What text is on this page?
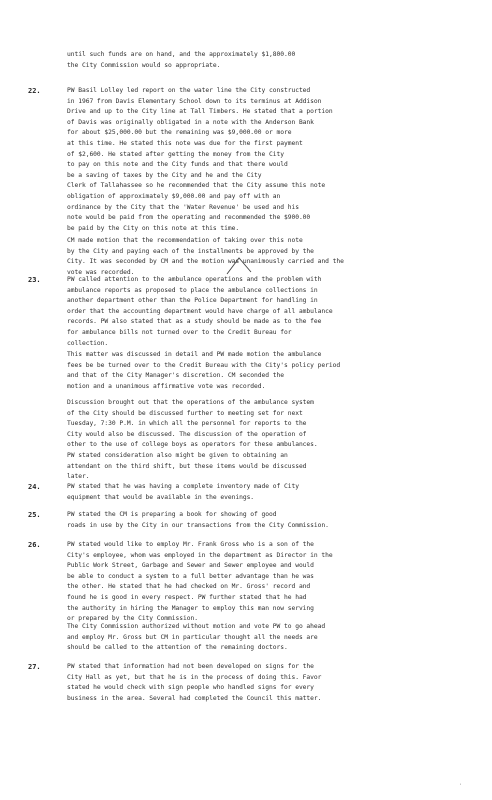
until such funds are on hand, and the approximately $1,800.00
the City Commission would so appropriate.
22.	PW Basil Lolley led report on the water line the City constructed
in 1967 from Davis Elementary School down to its terminus at Addison
Drive and up to the City line at Tall Timbers. He stated that a portion
of Davis was originally obligated in a note with the Anderson Bank
for about $25,000.00 but the remaining was $9,000.00 or more
at this time. He stated this note was due for the first payment
of $2,600. He stated after getting the money from the City
to pay on this note and the City funds and that there would
be a saving of taxes by the City and he and the City
Clerk of Tallahassee so he recommended that the City assume this note
obligation of approximately $9,000.00 and pay off with an
ordinance by the City that the 'Water Revenue' be used and his
note would be paid from the operating and recommended the $900.00
be paid by the City on this note at this time.
CM made motion that the recommendation of taking over this note
by the City and paying each of the installments be approved by the
City. It was seconded by CM and the motion was unanimously carried and the
vote was recorded.
23.	PW called attention to the ambulance operations and the problem with
ambulance reports as proposed to place the ambulance collections in
another department other than the Police Department for handling in
order that the accounting department would have charge of all ambulance
records. PW also stated that as a study should be made as to the fee
for ambulance bills not turned over to the Credit Bureau for
collection.
This matter was discussed in detail and PW made motion the ambulance
fees be be turned over to the Credit Bureau with the City's policy period
and that of the City Manager's discretion. CM seconded the
motion and a unanimous affirmative vote was recorded.
Discussion brought out that the operations of the ambulance system
of the City should be discussed further to meeting set for next
Tuesday, 7:30 P.M. in which all the personnel for reports to the
City would also be discussed. The discussion of the operation of
other to the use of college boys as operators for these ambulances.
PW stated consideration also might be given to obtaining an
attendant on the third shift, but these items would be discussed
later.
24.	PW stated that he was having a complete inventory made of City
equipment that would be available in the evenings.
25.	PW stated the CM is preparing a book for showing of good
roads in use by the City in our transactions from the City Commission.
26.	PW stated would like to employ Mr. Frank Gross who is a son of the
City's employee, whom was employed in the department as Director in the
Public Work Street, Garbage and Sewer and Sewer employee and would
be able to conduct a system to a full better advantage than he was
the other. He stated that he had checked on Mr. Gross' record and
found he is good in every respect. PW further stated that he had
the authority in hiring the Manager to employ this man now serving
or prepared by the City Commission.
The City Commission authorized without motion and vote PW to go ahead
and employ Mr. Gross but CM in particular thought all the needs are
should be called to the attention of the remaining doctors.
27.	PW stated that information had not been developed on signs for the
City Hall as yet, but that he is in the process of doing this. Favor
stated he would check with sign people who handled signs for every
business in the area. Several had completed the Council this matter.
·
